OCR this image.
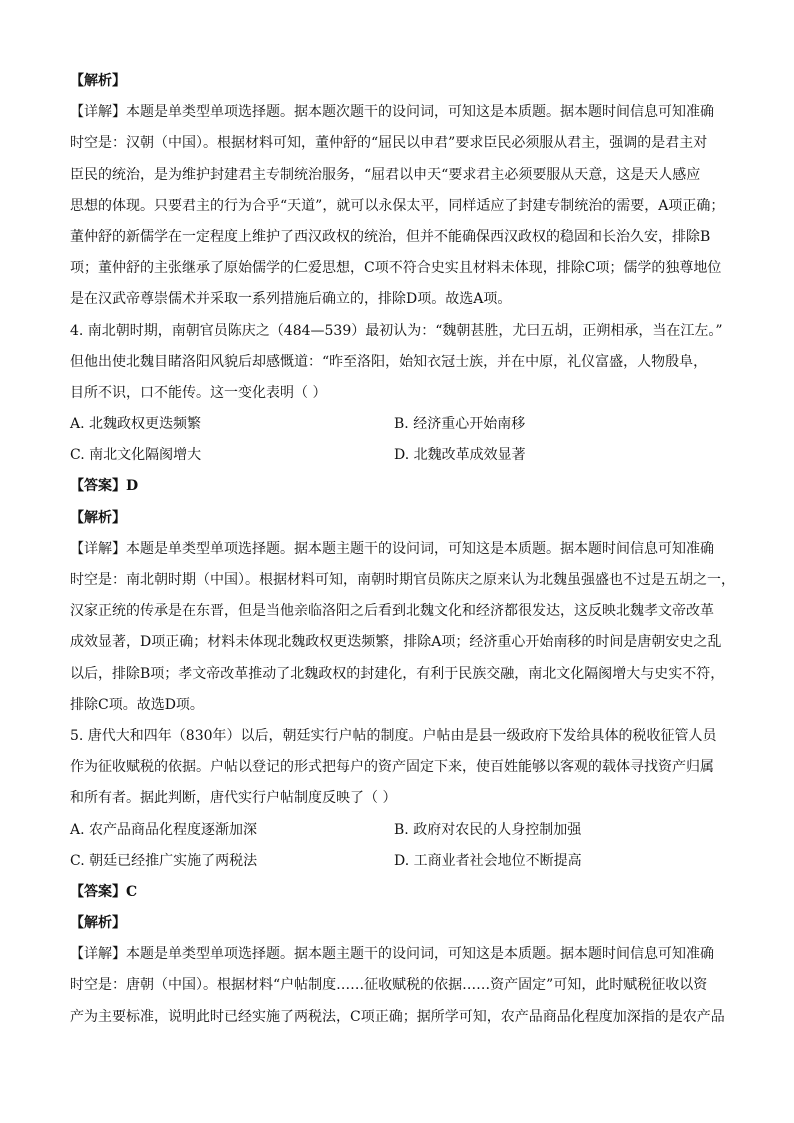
【解析】
【详解】本题是单类型单项选择题。据本题次题干的设问词，可知这是本质题。据本题时间信息可知准确
时空是：汉朝（中国）。根据材料可知，董仲舒的“屈民以申君”要求臣民必须服从君主，强调的是君主对
臣民的统治，是为维护封建君主专制统治服务，“屈君以申天“要求君主必须要服从天意，这是天人感应
思想的体现。只要君主的行为合乎“天道”，就可以永保太平，同样适应了封建专制统治的需要，A项正确；
董仲舒的新儒学在一定程度上维护了西汉政权的统治，但并不能确保西汉政权的稳固和长治久安，排除B
项；董仲舒的主张继承了原始儒学的仁爱思想，C项不符合史实且材料未体现，排除C项；儒学的独尊地位
是在汉武帝尊崇儒术并采取一系列措施后确立的，排除D项。故选A项。
4. 南北朝时期，南朝官员陈庆之（484—539）最初认为：“魏朝甚胜，尤曰五胡，正朔相承，当在江左。”
但他出使北魏目睹洛阳风貌后却感慨道：“昨至洛阳，始知衣冠士族，并在中原，礼仪富盛，人物殷阜，
目所不识，口不能传。这一变化表明（ ）
A. 北魏政权更迭频繁	B. 经济重心开始南移
C. 南北文化隔阂增大	D. 北魏改革成效显著
【答案】D
【解析】
【详解】本题是单类型单项选择题。据本题主题干的设问词，可知这是本质题。据本题时间信息可知准确
时空是：南北朝时期（中国）。根据材料可知，南朝时期官员陈庆之原来认为北魏虽强盛也不过是五胡之一，
汉家正统的传承是在东晋，但是当他亲临洛阳之后看到北魏文化和经济都很发达，这反映北魏孝文帝改革
成效显著，D项正确；材料未体现北魏政权更迭频繁，排除A项；经济重心开始南移的时间是唐朝安史之乱
以后，排除B项；孝文帝改革推动了北魏政权的封建化，有利于民族交融，南北文化隔阂增大与史实不符，
排除C项。故选D项。
5. 唐代大和四年（830年）以后，朝廷实行户帖的制度。户帖由是县一级政府下发给具体的税收征管人员
作为征收赋税的依据。户帖以登记的形式把每户的资产固定下来，使百姓能够以客观的载体寻找资产归属
和所有者。据此判断，唐代实行户帖制度反映了（ ）
A. 农产品商品化程度逐渐加深	B. 政府对农民的人身控制加强
C. 朝廷已经推广实施了两税法	D. 工商业者社会地位不断提高
【答案】C
【解析】
【详解】本题是单类型单项选择题。据本题主题干的设问词，可知这是本质题。据本题时间信息可知准确
时空是：唐朝（中国）。根据材料“户帖制度……征收赋税的依据……资产固定”可知，此时赋税征收以资
产为主要标准，说明此时已经实施了两税法，C项正确；据所学可知，农产品商品化程度加深指的是农产品
